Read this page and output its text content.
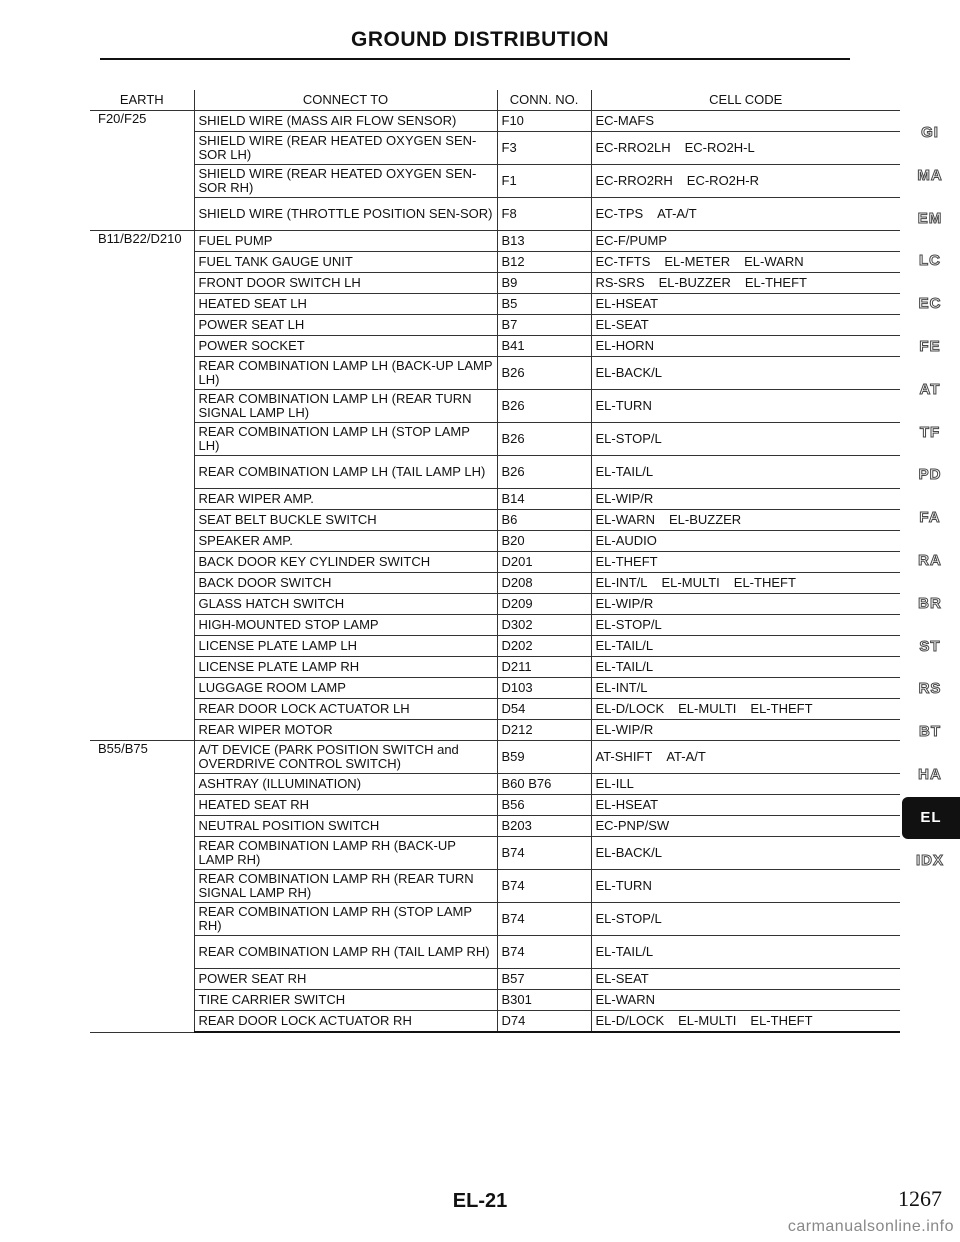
GROUND DISTRIBUTION
EARTH	CONNECT TO	CONN. NO.	CELL CODE
F20/F25	SHIELD WIRE (MASS AIR FLOW SENSOR)	F10	EC-MAFS
	SHIELD WIRE (REAR HEATED OXYGEN SEN-SOR LH)	F3	EC-RRO2LH EC-RO2H-L
	SHIELD WIRE (REAR HEATED OXYGEN SEN-SOR RH)	F1	EC-RRO2RH EC-RO2H-R
	SHIELD WIRE (THROTTLE POSITION SEN-SOR)	F8	EC-TPS AT-A/T
B11/B22/D210	FUEL PUMP	B13	EC-F/PUMP
	FUEL TANK GAUGE UNIT	B12	EC-TFTS EL-METER EL-WARN
	FRONT DOOR SWITCH LH	B9	RS-SRS EL-BUZZER EL-THEFT
	HEATED SEAT LH	B5	EL-HSEAT
	POWER SEAT LH	B7	EL-SEAT
	POWER SOCKET	B41	EL-HORN
	REAR COMBINATION LAMP LH (BACK-UP LAMP LH)	B26	EL-BACK/L
	REAR COMBINATION LAMP LH (REAR TURN SIGNAL LAMP LH)	B26	EL-TURN
	REAR COMBINATION LAMP LH (STOP LAMP LH)	B26	EL-STOP/L
	REAR COMBINATION LAMP LH (TAIL LAMP LH)	B26	EL-TAIL/L
	REAR WIPER AMP.	B14	EL-WIP/R
	SEAT BELT BUCKLE SWITCH	B6	EL-WARN EL-BUZZER
	SPEAKER AMP.	B20	EL-AUDIO
	BACK DOOR KEY CYLINDER SWITCH	D201	EL-THEFT
	BACK DOOR SWITCH	D208	EL-INT/L EL-MULTI EL-THEFT
	GLASS HATCH SWITCH	D209	EL-WIP/R
	HIGH-MOUNTED STOP LAMP	D302	EL-STOP/L
	LICENSE PLATE LAMP LH	D202	EL-TAIL/L
	LICENSE PLATE LAMP RH	D211	EL-TAIL/L
	LUGGAGE ROOM LAMP	D103	EL-INT/L
	REAR DOOR LOCK ACTUATOR LH	D54	EL-D/LOCK EL-MULTI EL-THEFT
	REAR WIPER MOTOR	D212	EL-WIP/R
B55/B75	A/T DEVICE (PARK POSITION SWITCH and OVERDRIVE CONTROL SWITCH)	B59	AT-SHIFT AT-A/T
	ASHTRAY (ILLUMINATION)	B60 B76	EL-ILL
	HEATED SEAT RH	B56	EL-HSEAT
	NEUTRAL POSITION SWITCH	B203	EC-PNP/SW
	REAR COMBINATION LAMP RH (BACK-UP LAMP RH)	B74	EL-BACK/L
	REAR COMBINATION LAMP RH (REAR TURN SIGNAL LAMP RH)	B74	EL-TURN
	REAR COMBINATION LAMP RH (STOP LAMP RH)	B74	EL-STOP/L
	REAR COMBINATION LAMP RH (TAIL LAMP RH)	B74	EL-TAIL/L
	POWER SEAT RH	B57	EL-SEAT
	TIRE CARRIER SWITCH	B301	EL-WARN
	REAR DOOR LOCK ACTUATOR RH	D74	EL-D/LOCK EL-MULTI EL-THEFT
GI
MA
EM
LC
EC
FE
AT
TF
PD
FA
RA
BR
ST
RS
BT
HA
EL
IDX
EL-21	1267
carmanualsonline.info
